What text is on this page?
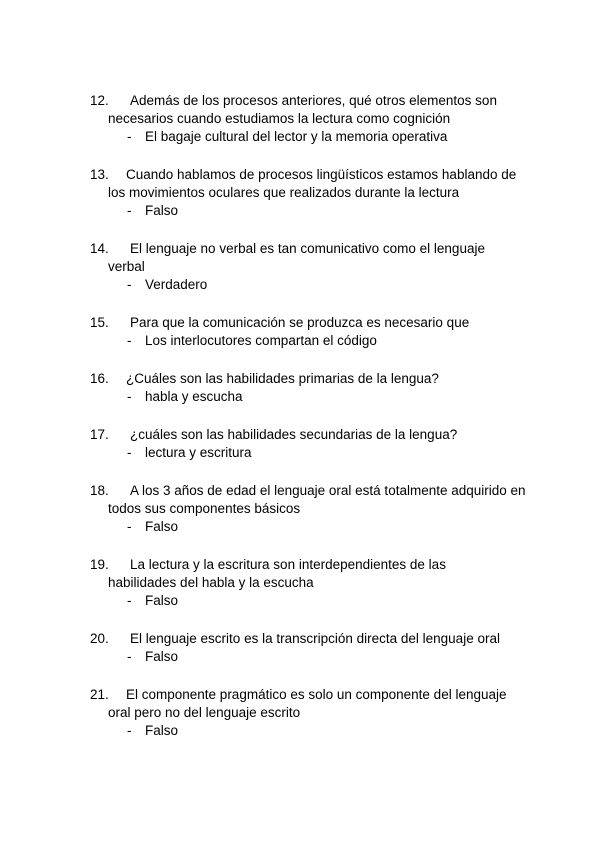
12.	Además de los procesos anteriores, qué otros elementos son necesarios cuando estudiamos la lectura como cognición
- El bagaje cultural del lector y la memoria operativa
13.	Cuando hablamos de procesos lingüísticos estamos hablando de los movimientos oculares que realizados durante la lectura
- Falso
14.	El lenguaje no verbal es tan comunicativo como el lenguaje verbal
- Verdadero
15.	Para que la comunicación se produzca es necesario que
- Los interlocutores compartan el código
16.	¿Cuáles son las habilidades primarias de la lengua?
- habla y escucha
17.	¿cuáles son las habilidades secundarias de la lengua?
- lectura y escritura
18.	A los 3 años de edad el lenguaje oral está totalmente adquirido en todos sus componentes básicos
- Falso
19.	La lectura y la escritura son interdependientes de las habilidades del habla y la escucha
- Falso
20.	El lenguaje escrito es la transcripción directa del lenguaje oral
- Falso
21.	El componente pragmático es solo un componente del lenguaje oral pero no del lenguaje escrito
- Falso
